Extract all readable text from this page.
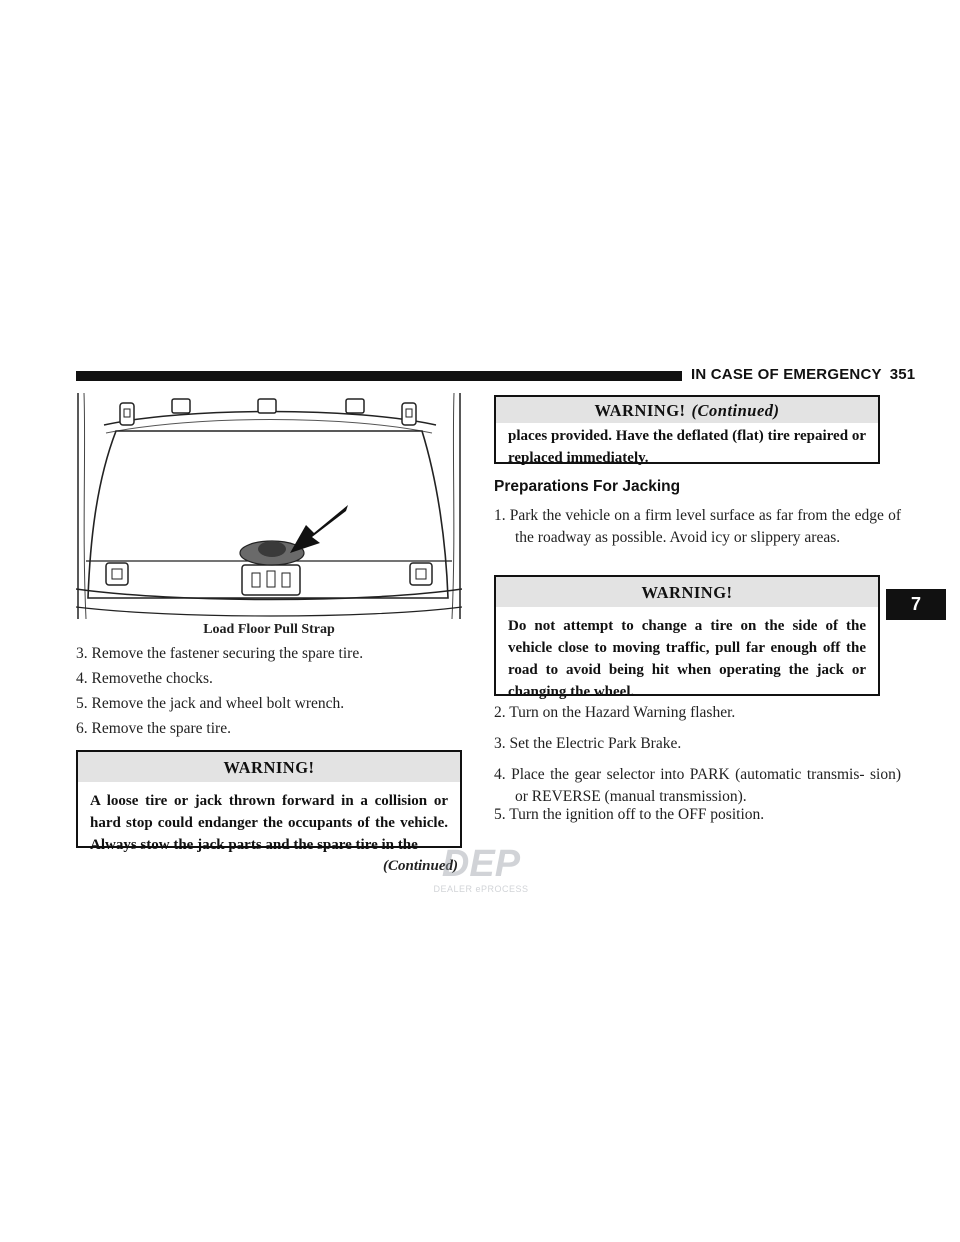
IN CASE OF EMERGENCY 351
Load Floor Pull Strap
3. Remove the fastener securing the spare tire.
4. Removethe chocks.
5. Remove the jack and wheel bolt wrench.
6. Remove the spare tire.
WARNING!
A loose tire or jack thrown forward in a collision or hard stop could endanger the occupants of the vehicle. Always stow the jack parts and the spare tire in the
(Continued)
WARNING! (Continued)
places provided. Have the deflated (flat) tire repaired or replaced immediately.
Preparations For Jacking
1. Park the vehicle on a firm level surface as far from the edge of the roadway as possible. Avoid icy or slippery areas.
WARNING!
Do not attempt to change a tire on the side of the vehicle close to moving traffic, pull far enough off the road to avoid being hit when operating the jack or changing the wheel.
2. Turn on the Hazard Warning flasher.
3. Set the Electric Park Brake.
4. Place the gear selector into PARK (automatic transmis- sion) or REVERSE (manual transmission).
5. Turn the ignition off to the OFF position.
7
DEP
DEALER ePROCESS
